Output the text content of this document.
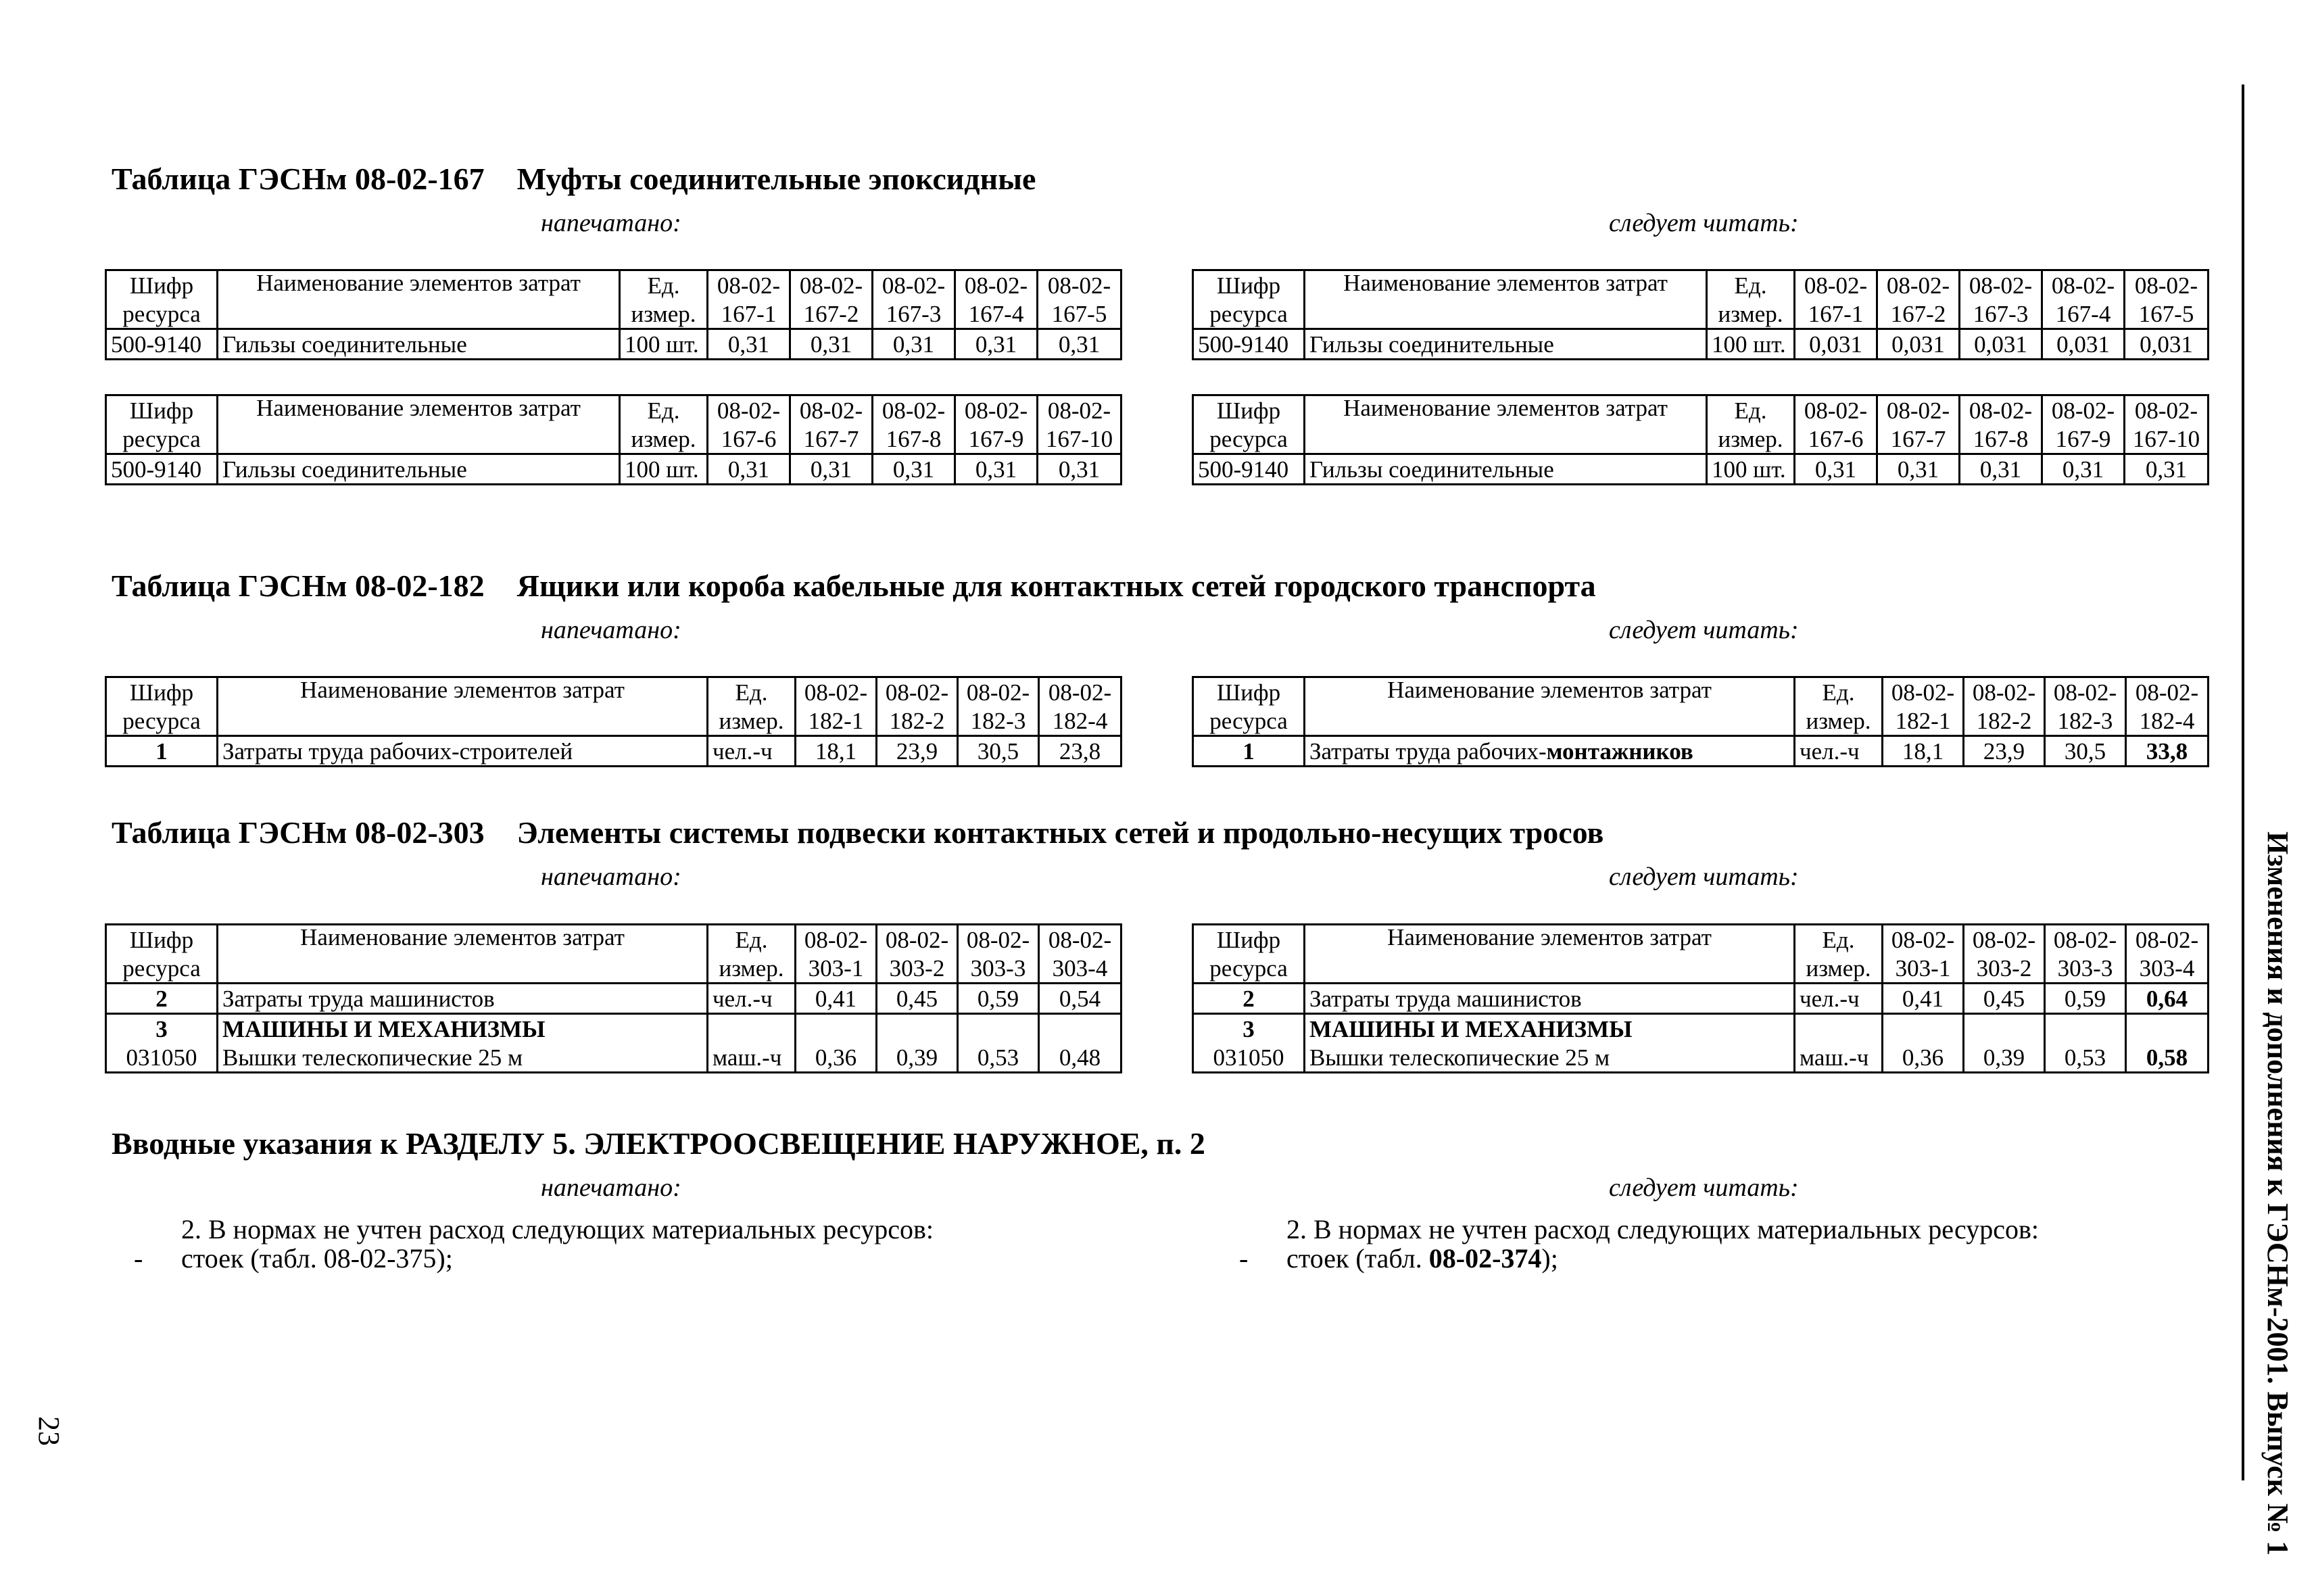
Таблица ГЭСНм 08-02-167 Муфты соединительные эпоксидные
напечатано:	следует читать:
Шифр	Наименование элементов затрат	Ед.	08-02-	08-02-	08-02-	08-02-	08-02-
ресурса		измер.	167-1	167-2	167-3	167-4	167-5
500-9140	Гильзы соединительные	100 шт.	0,31	0,31	0,31	0,31	0,31
Шифр	Наименование элементов затрат	Ед.	08-02-	08-02-	08-02-	08-02-	08-02-
ресурса		измер.	167-1	167-2	167-3	167-4	167-5
500-9140	Гильзы соединительные	100 шт.	0,031	0,031	0,031	0,031	0,031
Шифр	Наименование элементов затрат	Ед.	08-02-	08-02-	08-02-	08-02-	08-02-
ресурса		измер.	167-6	167-7	167-8	167-9	167-10
500-9140	Гильзы соединительные	100 шт.	0,31	0,31	0,31	0,31	0,31
Шифр	Наименование элементов затрат	Ед.	08-02-	08-02-	08-02-	08-02-	08-02-
ресурса		измер.	167-6	167-7	167-8	167-9	167-10
500-9140	Гильзы соединительные	100 шт.	0,31	0,31	0,31	0,31	0,31
Таблица ГЭСНм 08-02-182 Ящики или короба кабельные для контактных сетей городского транспорта
напечатано:	следует читать:
Шифр	Наименование элементов затрат	Ед.	08-02-	08-02-	08-02-	08-02-
ресурса		измер.	182-1	182-2	182-3	182-4
1	Затраты труда рабочих-строителей	чел.-ч	18,1	23,9	30,5	23,8
Шифр	Наименование элементов затрат	Ед.	08-02-	08-02-	08-02-	08-02-
ресурса		измер.	182-1	182-2	182-3	182-4
1	Затраты труда рабочих-монтажников	чел.-ч	18,1	23,9	30,5	33,8
Таблица ГЭСНм 08-02-303 Элементы системы подвески контактных сетей и продольно-несущих тросов
напечатано:	следует читать:
Шифр	Наименование элементов затрат	Ед.	08-02-	08-02-	08-02-	08-02-
ресурса		измер.	303-1	303-2	303-3	303-4
2	Затраты труда машинистов	чел.-ч	0,41	0,45	0,59	0,54
3	МАШИНЫ И МЕХАНИЗМЫ					
031050	Вышки телескопические 25 м	маш.-ч	0,36	0,39	0,53	0,48
Шифр	Наименование элементов затрат	Ед.	08-02-	08-02-	08-02-	08-02-
ресурса		измер.	303-1	303-2	303-3	303-4
2	Затраты труда машинистов	чел.-ч	0,41	0,45	0,59	0,64
3	МАШИНЫ И МЕХАНИЗМЫ					
031050	Вышки телескопические 25 м	маш.-ч	0,36	0,39	0,53	0,58
Вводные указания к РАЗДЕЛУ 5. ЭЛЕКТРООСВЕЩЕНИЕ НАРУЖНОЕ, п. 2
напечатано:	следует читать:
2. В нормах не учтен расход следующих материальных ресурсов:
- стоек (табл. 08-02-375);
2. В нормах не учтен расход следующих материальных ресурсов:
- стоек (табл. 08-02-374);	Изменения и дополнения к ГЭСНм-2001. Выпуск № 1
23
